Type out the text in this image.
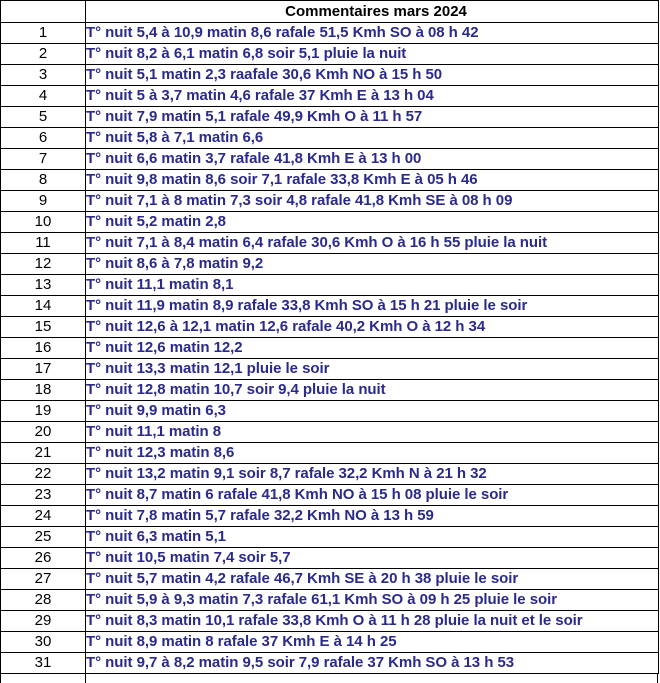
	Commentaires mars 2024
1	T° nuit 5,4 à 10,9 matin 8,6 rafale 51,5 Kmh SO à 08 h 42
2	T° nuit 8,2 à 6,1 matin 6,8 soir 5,1 pluie la nuit
3	T° nuit 5,1 matin 2,3 raafale 30,6 Kmh NO à 15 h 50
4	T° nuit 5 à 3,7 matin 4,6 rafale 37 Kmh E à 13 h 04
5	T° nuit 7,9 matin 5,1 rafale 49,9 Kmh O à 11 h 57
6	T° nuit 5,8 à 7,1 matin 6,6
7	T° nuit 6,6 matin 3,7 rafale 41,8 Kmh E à 13 h 00
8	T° nuit 9,8 matin 8,6 soir 7,1 rafale 33,8 Kmh E à 05 h 46
9	T° nuit 7,1 à 8 matin 7,3 soir 4,8 rafale 41,8 Kmh SE à 08 h 09
10	T° nuit 5,2 matin 2,8
11	T° nuit 7,1 à 8,4 matin 6,4 rafale 30,6 Kmh O à 16 h 55 pluie la nuit
12	T° nuit 8,6 à 7,8 matin 9,2
13	T° nuit 11,1 matin 8,1
14	T° nuit 11,9 matin 8,9 rafale 33,8 Kmh SO à 15 h 21 pluie le soir
15	T° nuit 12,6 à 12,1 matin 12,6 rafale 40,2 Kmh O à 12 h 34
16	T° nuit 12,6 matin 12,2
17	T° nuit 13,3 matin 12,1 pluie le soir
18	T° nuit 12,8 matin 10,7 soir 9,4 pluie la nuit
19	T° nuit 9,9 matin 6,3
20	T° nuit 11,1 matin 8
21	T° nuit 12,3 matin 8,6
22	T° nuit 13,2 matin 9,1 soir 8,7 rafale 32,2 Kmh N à 21 h 32
23	T° nuit 8,7 matin 6 rafale 41,8 Kmh NO à 15 h 08 pluie le soir
24	T° nuit 7,8 matin 5,7 rafale 32,2 Kmh NO à 13 h 59
25	T° nuit 6,3 matin 5,1
26	T° nuit 10,5 matin 7,4 soir 5,7
27	T° nuit 5,7 matin 4,2 rafale 46,7 Kmh SE à 20 h 38 pluie le soir
28	T° nuit 5,9 à 9,3 matin 7,3 rafale 61,1 Kmh SO à 09 h 25 pluie le soir
29	T° nuit 8,3 matin 10,1 rafale 33,8 Kmh O à 11 h 28 pluie la nuit et le soir
30	T° nuit 8,9 matin 8 rafale 37 Kmh E à 14 h 25
31	T° nuit 9,7 à 8,2 matin 9,5 soir 7,9 rafale 37 Kmh SO à 13 h 53
